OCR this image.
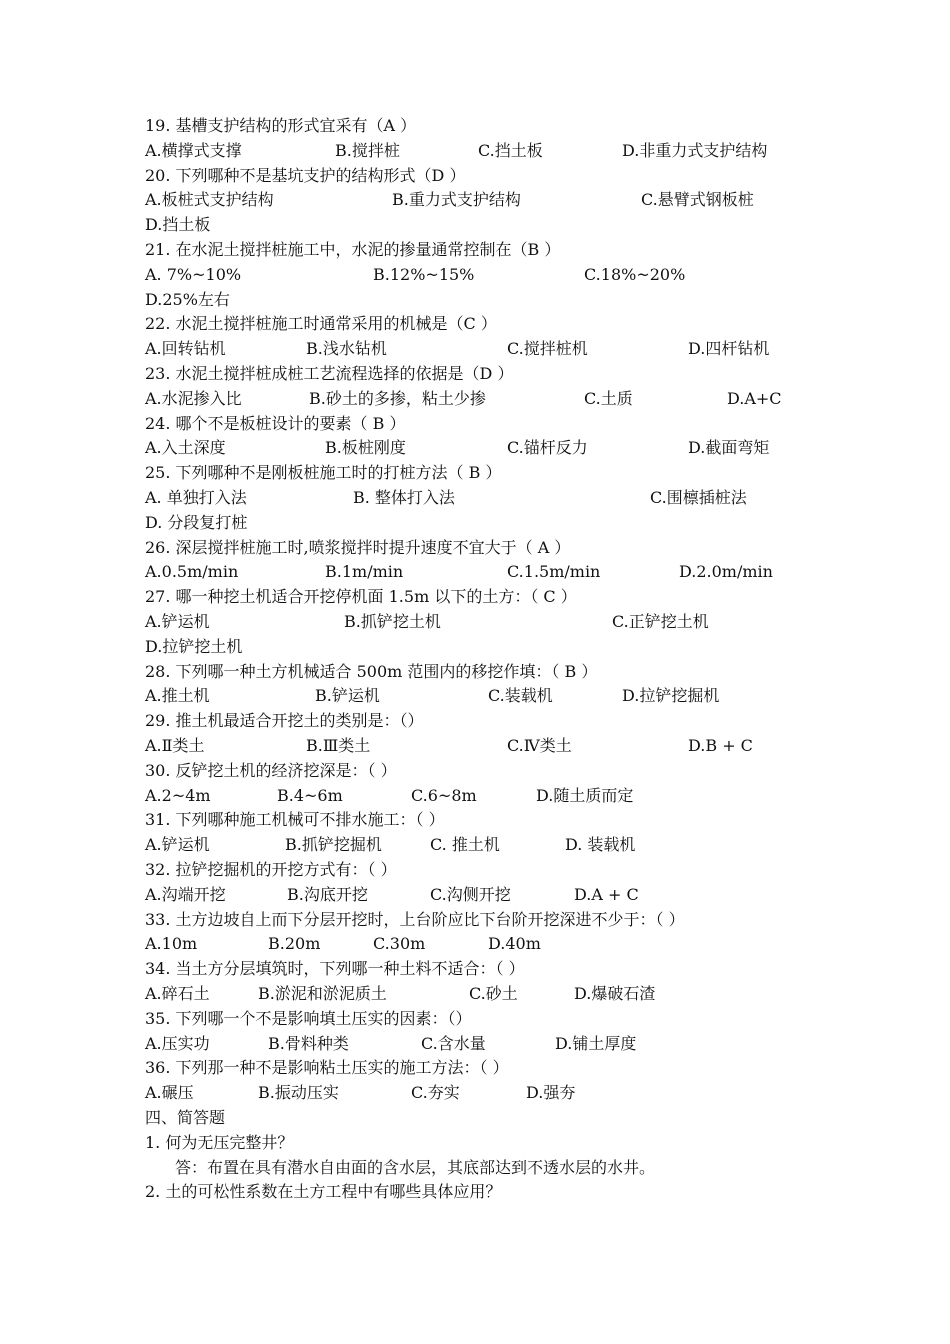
19. 基槽支护结构的形式宜采有（A ）
A.横撑式支撑	B.搅拌桩	C.挡土板	D.非重力式支护结构
20. 下列哪种不是基坑支护的结构形式（D ）
A.板桩式支护结构	B.重力式支护结构	C.悬臂式钢板桩
D.挡土板
21. 在水泥土搅拌桩施工中，水泥的掺量通常控制在（B ）
A. 7%~10%	B.12%~15%	C.18%~20%
D.25%左右
22. 水泥土搅拌桩施工时通常采用的机械是（C ）
A.回转钻机	B.浅水钻机	C.搅拌桩机	D.四杆钻机
23. 水泥土搅拌桩成桩工艺流程选择的依据是（D ）
A.水泥掺入比	B.砂土的多掺，粘土少掺	C.土质	D.A+C
24. 哪个不是板桩设计的要素（ B ）
A.入土深度	B.板桩刚度	C.锚杆反力	D.截面弯矩
25. 下列哪种不是刚板桩施工时的打桩方法（ B ）
A. 单独打入法	B. 整体打入法	C.围檩插桩法
D. 分段复打桩
26. 深层搅拌桩施工时,喷浆搅拌时提升速度不宜大于（ A ）
A.0.5m/min	B.1m/min	C.1.5m/min	D.2.0m/min
27. 哪一种挖土机适合开挖停机面 1.5m 以下的土方：（ C ）
A.铲运机	B.抓铲挖土机	C.正铲挖土机
D.拉铲挖土机
28. 下列哪一种土方机械适合 500m 范围内的移挖作填：（ B ）
A.推土机	B.铲运机	C.装载机	D.拉铲挖掘机
29. 推土机最适合开挖土的类别是：（）
A.Ⅱ类土	B.Ⅲ类土	C.Ⅳ类土	D.B + C
30. 反铲挖土机的经济挖深是：（ ）
A.2~4m	B.4~6m	C.6~8m	D.随土质而定
31. 下列哪种施工机械可不排水施工：（ ）
A.铲运机	B.抓铲挖掘机	C. 推土机	D. 装载机
32. 拉铲挖掘机的开挖方式有：（ ）
A.沟端开挖	B.沟底开挖	C.沟侧开挖	D.A + C
33. 土方边坡自上而下分层开挖时，上台阶应比下台阶开挖深进不少于：（ ）
A.10m	B.20m	C.30m	D.40m
34. 当土方分层填筑时，下列哪一种土料不适合：（ ）
A.碎石土	B.淤泥和淤泥质土	C.砂土	D.爆破石渣
35. 下列哪一个不是影响填土压实的因素：（）
A.压实功	B.骨料种类	C.含水量	D.铺土厚度
36. 下列那一种不是影响粘土压实的施工方法：（ ）
A.碾压	B.振动压实	C.夯实	D.强夯
四、简答题
1. 何为无压完整井？
答：布置在具有潜水自由面的含水层，其底部达到不透水层的水井。
2. 土的可松性系数在土方工程中有哪些具体应用？
